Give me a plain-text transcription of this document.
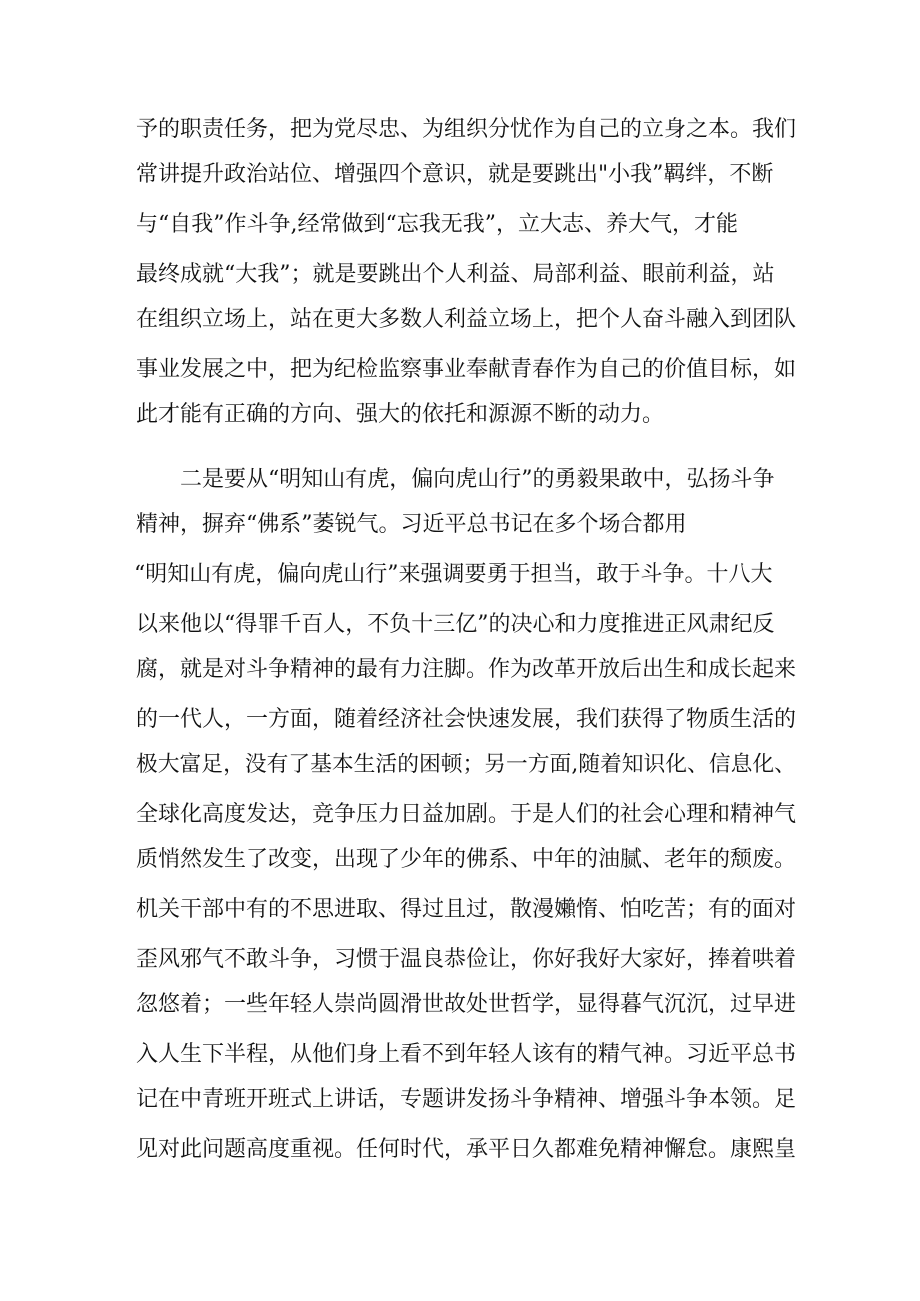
予的职责任务，把为党尽忠、为组织分忧作为自己的立身之本。我们
常讲提升政治站位、增强四个意识，就是要跳出"小我”羁绊，不断
与“自我”作斗争,经常做到“忘我无我”，立大志、养大气，才能
最终成就“大我”；就是要跳出个人利益、局部利益、眼前利益，站
在组织立场上，站在更大多数人利益立场上，把个人奋斗融入到团队
事业发展之中，把为纪检监察事业奉献青春作为自己的价值目标，如
此才能有正确的方向、强大的依托和源源不断的动力。
二是要从“明知山有虎，偏向虎山行”的勇毅果敢中，弘扬斗争
精神，摒弃“佛系”萎锐气。习近平总书记在多个场合都用
“明知山有虎，偏向虎山行”来强调要勇于担当，敢于斗争。十八大
以来他以“得罪千百人，不负十三亿”的决心和力度推进正风肃纪反
腐，就是对斗争精神的最有力注脚。作为改革开放后出生和成长起来
的一代人，一方面，随着经济社会快速发展，我们获得了物质生活的
极大富足，没有了基本生活的困顿；另一方面,随着知识化、信息化、
全球化高度发达，竞争压力日益加剧。于是人们的社会心理和精神气
质悄然发生了改变，出现了少年的佛系、中年的油腻、老年的颓废。
机关干部中有的不思进取、得过且过，散漫嬾惰、怕吃苦；有的面对
歪风邪气不敢斗争，习惯于温良恭俭让，你好我好大家好，捧着哄着
忽悠着；一些年轻人崇尚圆滑世故处世哲学，显得暮气沉沉，过早进
入人生下半程，从他们身上看不到年轻人该有的精气神。习近平总书
记在中青班开班式上讲话，专题讲发扬斗争精神、增强斗争本领。足
见对此问题高度重视。任何时代，承平日久都难免精神懈怠。康熙皇
